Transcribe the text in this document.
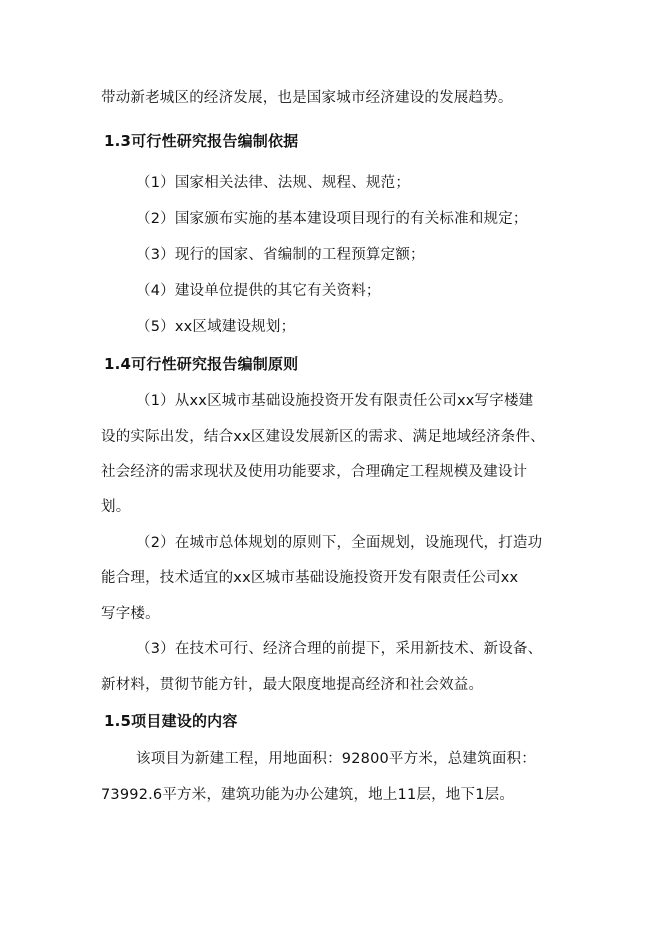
带动新老城区的经济发展，也是国家城市经济建设的发展趋势。
1.3可行性研究报告编制依据
（1）国家相关法律、法规、规程、规范；
（2）国家颁布实施的基本建设项目现行的有关标准和规定；
（3）现行的国家、省编制的工程预算定额；
（4）建设单位提供的其它有关资料；
（5）xx区域建设规划；
1.4可行性研究报告编制原则
（1）从xx区城市基础设施投资开发有限责任公司xx写字楼建
设的实际出发，结合xx区建设发展新区的需求、满足地域经济条件、
社会经济的需求现状及使用功能要求，合理确定工程规模及建设计
划。
（2）在城市总体规划的原则下，全面规划，设施现代，打造功
能合理，技术适宜的xx区城市基础设施投资开发有限责任公司xx
写字楼。
（3）在技术可行、经济合理的前提下，采用新技术、新设备、
新材料，贯彻节能方针，最大限度地提高经济和社会效益。
1.5项目建设的内容
该项目为新建工程，用地面积：92800平方米，总建筑面积：
73992.6平方米，建筑功能为办公建筑，地上11层，地下1层。
